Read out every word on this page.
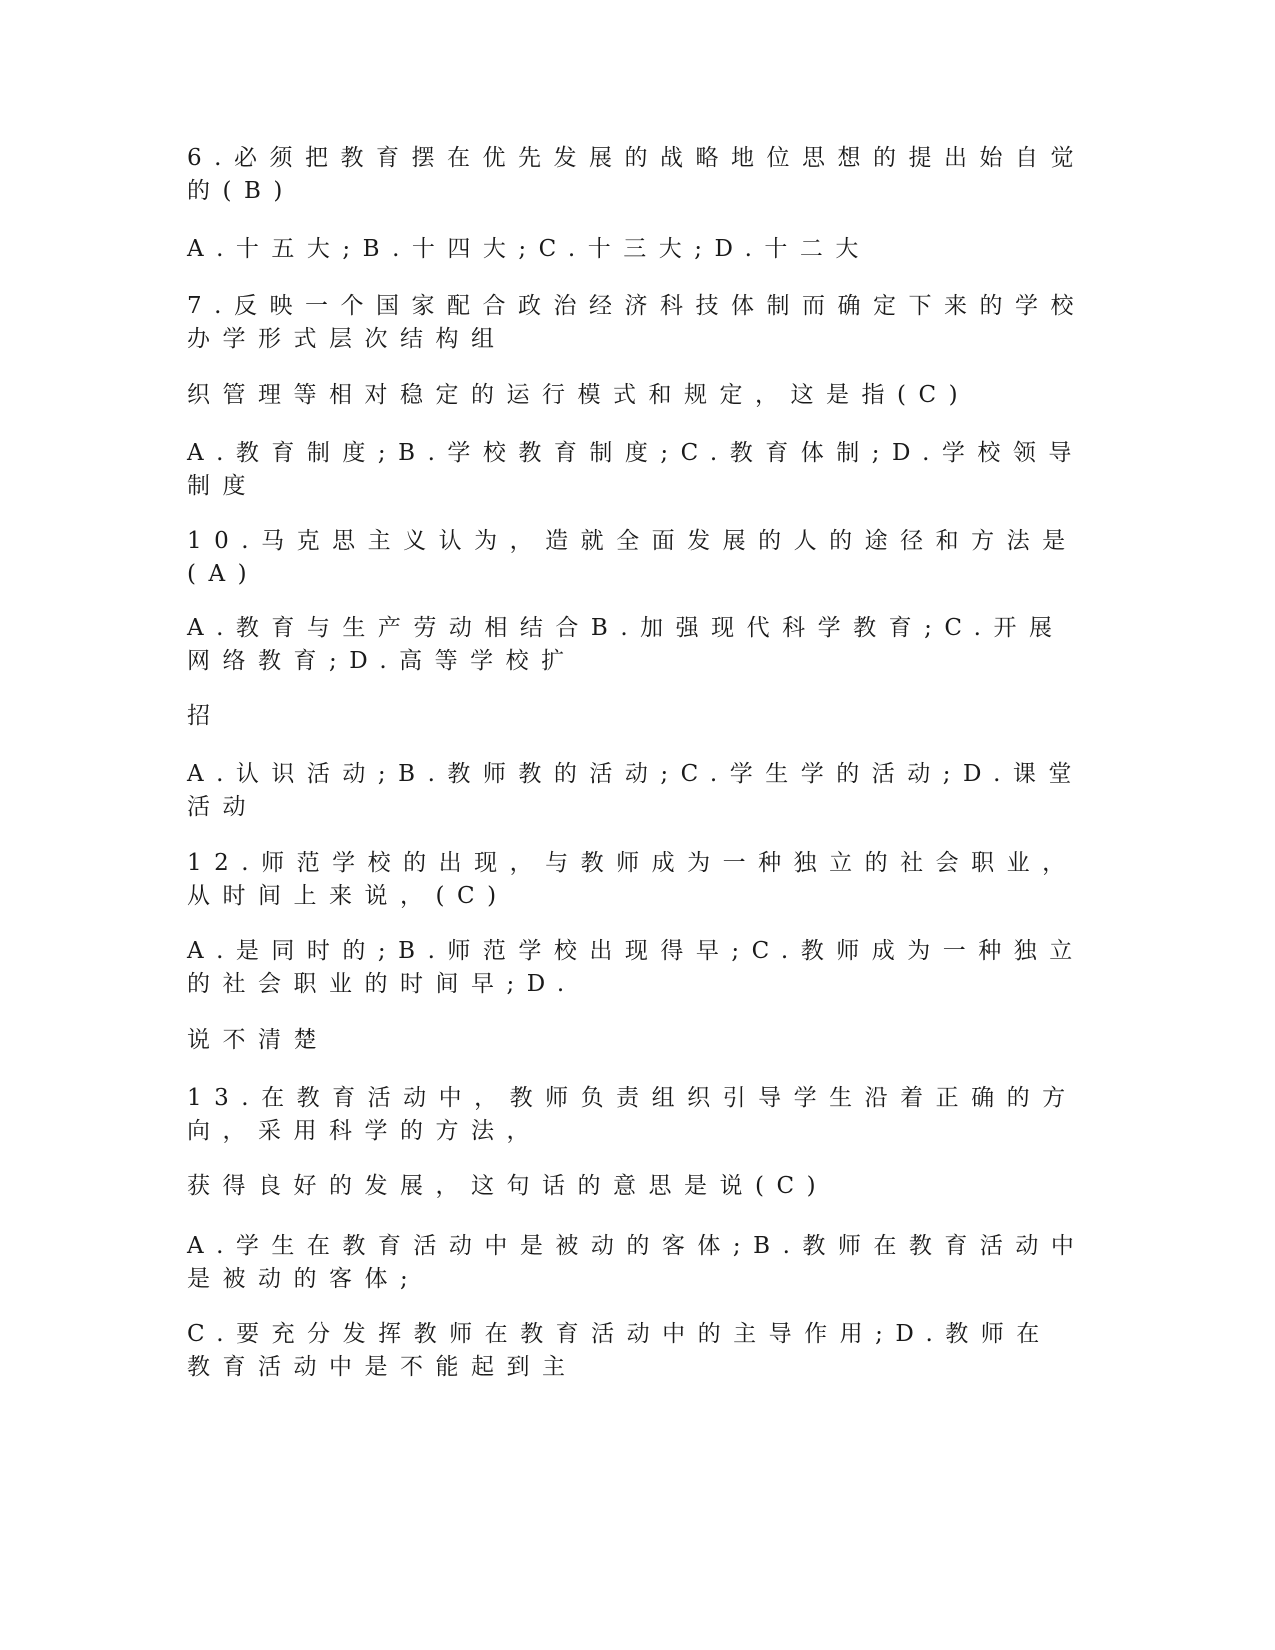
6.必须把教育摆在优先发展的战略地位思想的提出始自觉的(B)

A.十五大;B.十四大;C.十三大;D.十二大

7.反映一个国家配合政治经济科技体制而确定下来的学校办学形式层次结构组

织管理等相对稳定的运行模式和规定，这是指(C)

A.教育制度;B.学校教育制度;C.教育体制;D.学校领导制度

10.马克思主义认为，造就全面发展的人的途径和方法是(A)

A.教育与生产劳动相结合B.加强现代科学教育;C.开展网络教育;D.高等学校扩

招

A.认识活动;B.教师教的活动;C.学生学的活动;D.课堂活动

12.师范学校的出现，与教师成为一种独立的社会职业，从时间上来说，(C)

A.是同时的;B.师范学校出现得早;C.教师成为一种独立的社会职业的时间早;D.

说不清楚

13.在教育活动中，教师负责组织引导学生沿着正确的方向，采用科学的方法，

获得良好的发展，这句话的意思是说(C)

A.学生在教育活动中是被动的客体;B.教师在教育活动中是被动的客体;

C.要充分发挥教师在教育活动中的主导作用;D.教师在教育活动中是不能起到主
